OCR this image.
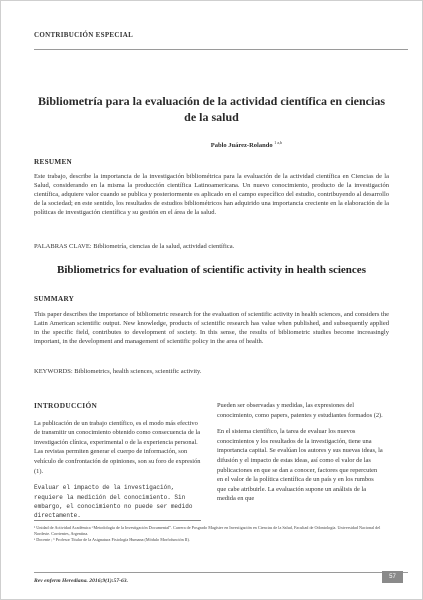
CONTRIBUCIÓN ESPECIAL
Bibliometría para la evaluación de la actividad científica en ciencias de la salud
Pablo Juárez-Rolando $^{1 a,b}$
RESUMEN
Este trabajo, describe la importancia de la investigación bibliométrica para la evaluación de la actividad científica en Ciencias de la Salud, considerando en la misma la producción científica Latinoamericana. Un nuevo conocimiento, producto de la investigación científica, adquiere valor cuando se publica y posteriormente es aplicado en el campo específico del estudio, contribuyendo al desarrollo de la sociedad; en este sentido, los resultados de estudios bibliométricos han adquirido una importancia creciente en la elaboración de la políticas de investigación científica y su gestión en el área de la salud.
PALABRAS CLAVE: Bibliometría, ciencias de la salud, actividad científica.
Bibliometrics for evaluation of scientific activity in health sciences
SUMMARY
This paper describes the importance of bibliometric research for the evaluation of scientific activity in health sciences, and considers the Latin American scientific output. New knowledge, products of scientific research has value when published, and subsequently applied in the specific field, contributes to development of society. In this sense, the results of bibliometric studies become increasingly important, in the development and management of scientific policy in the area of health.
KEYWORDS: Bibliometrics, health sciences, scientific activity.
INTRODUCCIÓN

La publicación de un trabajo científico, es el modo más efectivo de transmitir un conocimiento obtenido como consecuencia de la investigación clínica, experimental o de la experiencia personal. Las revistas permiten generar el cuerpo de información, son vehículo de confrontación de opiniones, son su foro de expresión (1).

Evaluar el impacto de la investigación, requiere la medición del conocimiento. Sin embargo, el conocimiento no puede ser medido directamente.

Pueden ser observadas y medidas, las expresiones del conocimiento, como papers, patentes y estudiantes formados (2).

En el sistema científico, la tarea de evaluar los nuevos conocimientos y los resultados de la investigación, tiene una importancia capital. Se evalúan los autores y sus nuevas ideas, la difusión y el impacto de estas ideas, así como el valor de las publicaciones en que se dan a conocer, factores que repercuten en el valor de la política científica de un país y en los rumbos que cabe atribuirle. La evaluación supone un análisis de la medida en que

¹ Unidad de Actividad Académica “Metodología de la Investigación Documental”. Carrera de Posgrado Magíster en Investigación en Ciencias de la Salud, Facultad de Odontología. Universidad Nacional del Nordeste. Corrientes, Argentina.

ᵃ Docente ; ᵇ Profesor Titular de la Asignatura Fisiología Humana (Módulo Morfofunción II).

Rev enferm Herediana. 2016;9(1):57-63.
57
